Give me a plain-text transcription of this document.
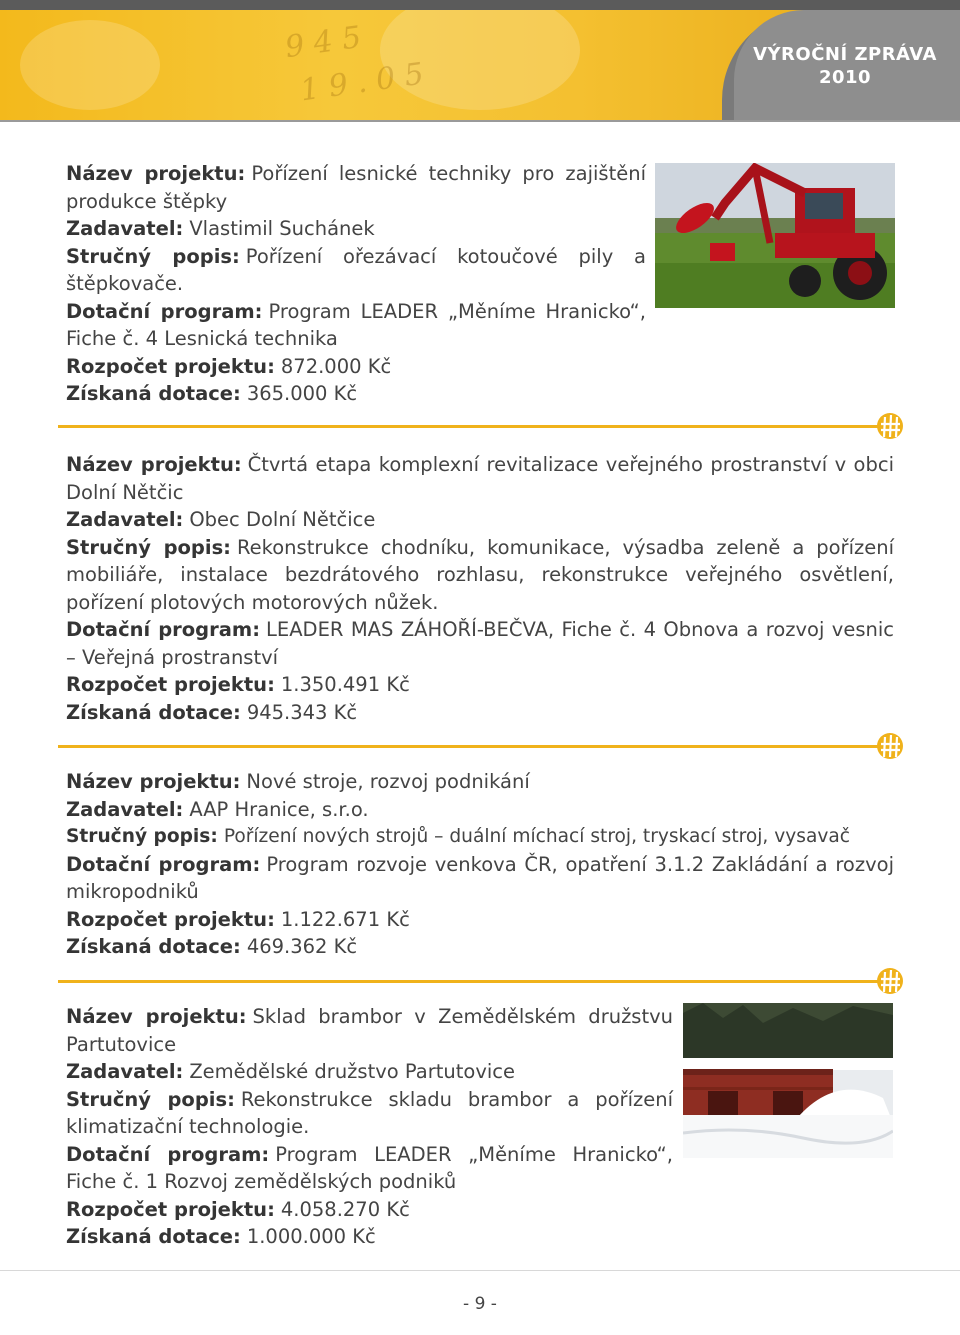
9 4 5
1 9 . 0 5
VÝROČNÍ ZPRÁVA
2010

Název projektu: Pořízení lesnické techniky pro zajištění produkce štěpky

Zadavatel: Vlastimil Suchánek

Stručný popis: Pořízení ořezávací kotoučové pily a štěpkovače.

Dotační program: Program LEADER „Měníme Hranicko“, Fiche č. 4 Lesnická technika

Rozpočet projektu: 872.000 Kč

Získaná dotace: 365.000 Kč

Název projektu: Čtvrtá etapa komplexní revitalizace veřejného prostranství v obci Dolní Nětčic

Zadavatel: Obec Dolní Nětčice

Stručný popis: Rekonstrukce chodníku, komunikace, výsadba zeleně a pořízení mobiliáře, instalace bezdrátového rozhlasu, rekonstrukce veřejného osvětlení, pořízení plotových motorových nůžek.

Dotační program: LEADER MAS ZÁHOŘÍ-BEČVA, Fiche č. 4 Obnova a rozvoj vesnic – Veřejná prostranství

Rozpočet projektu: 1.350.491 Kč

Získaná dotace: 945.343 Kč

Název projektu: Nové stroje, rozvoj podnikání

Zadavatel: AAP Hranice, s.r.o.

Stručný popis: Pořízení nových strojů – duální míchací stroj, tryskací stroj, vysavač

Dotační program: Program rozvoje venkova ČR, opatření 3.1.2 Zakládání a rozvoj mikropodniků

Rozpočet projektu: 1.122.671 Kč

Získaná dotace: 469.362 Kč

Název projektu: Sklad brambor v Zemědělském družstvu Partutovice

Zadavatel: Zemědělské družstvo Partutovice

Stručný popis: Rekonstrukce skladu brambor a pořízení klimatizační technologie.

Dotační program: Program LEADER „Měníme Hranicko“, Fiche č. 1 Rozvoj zemědělských podniků

Rozpočet projektu: 4.058.270 Kč

Získaná dotace: 1.000.000 Kč

- 9 -
